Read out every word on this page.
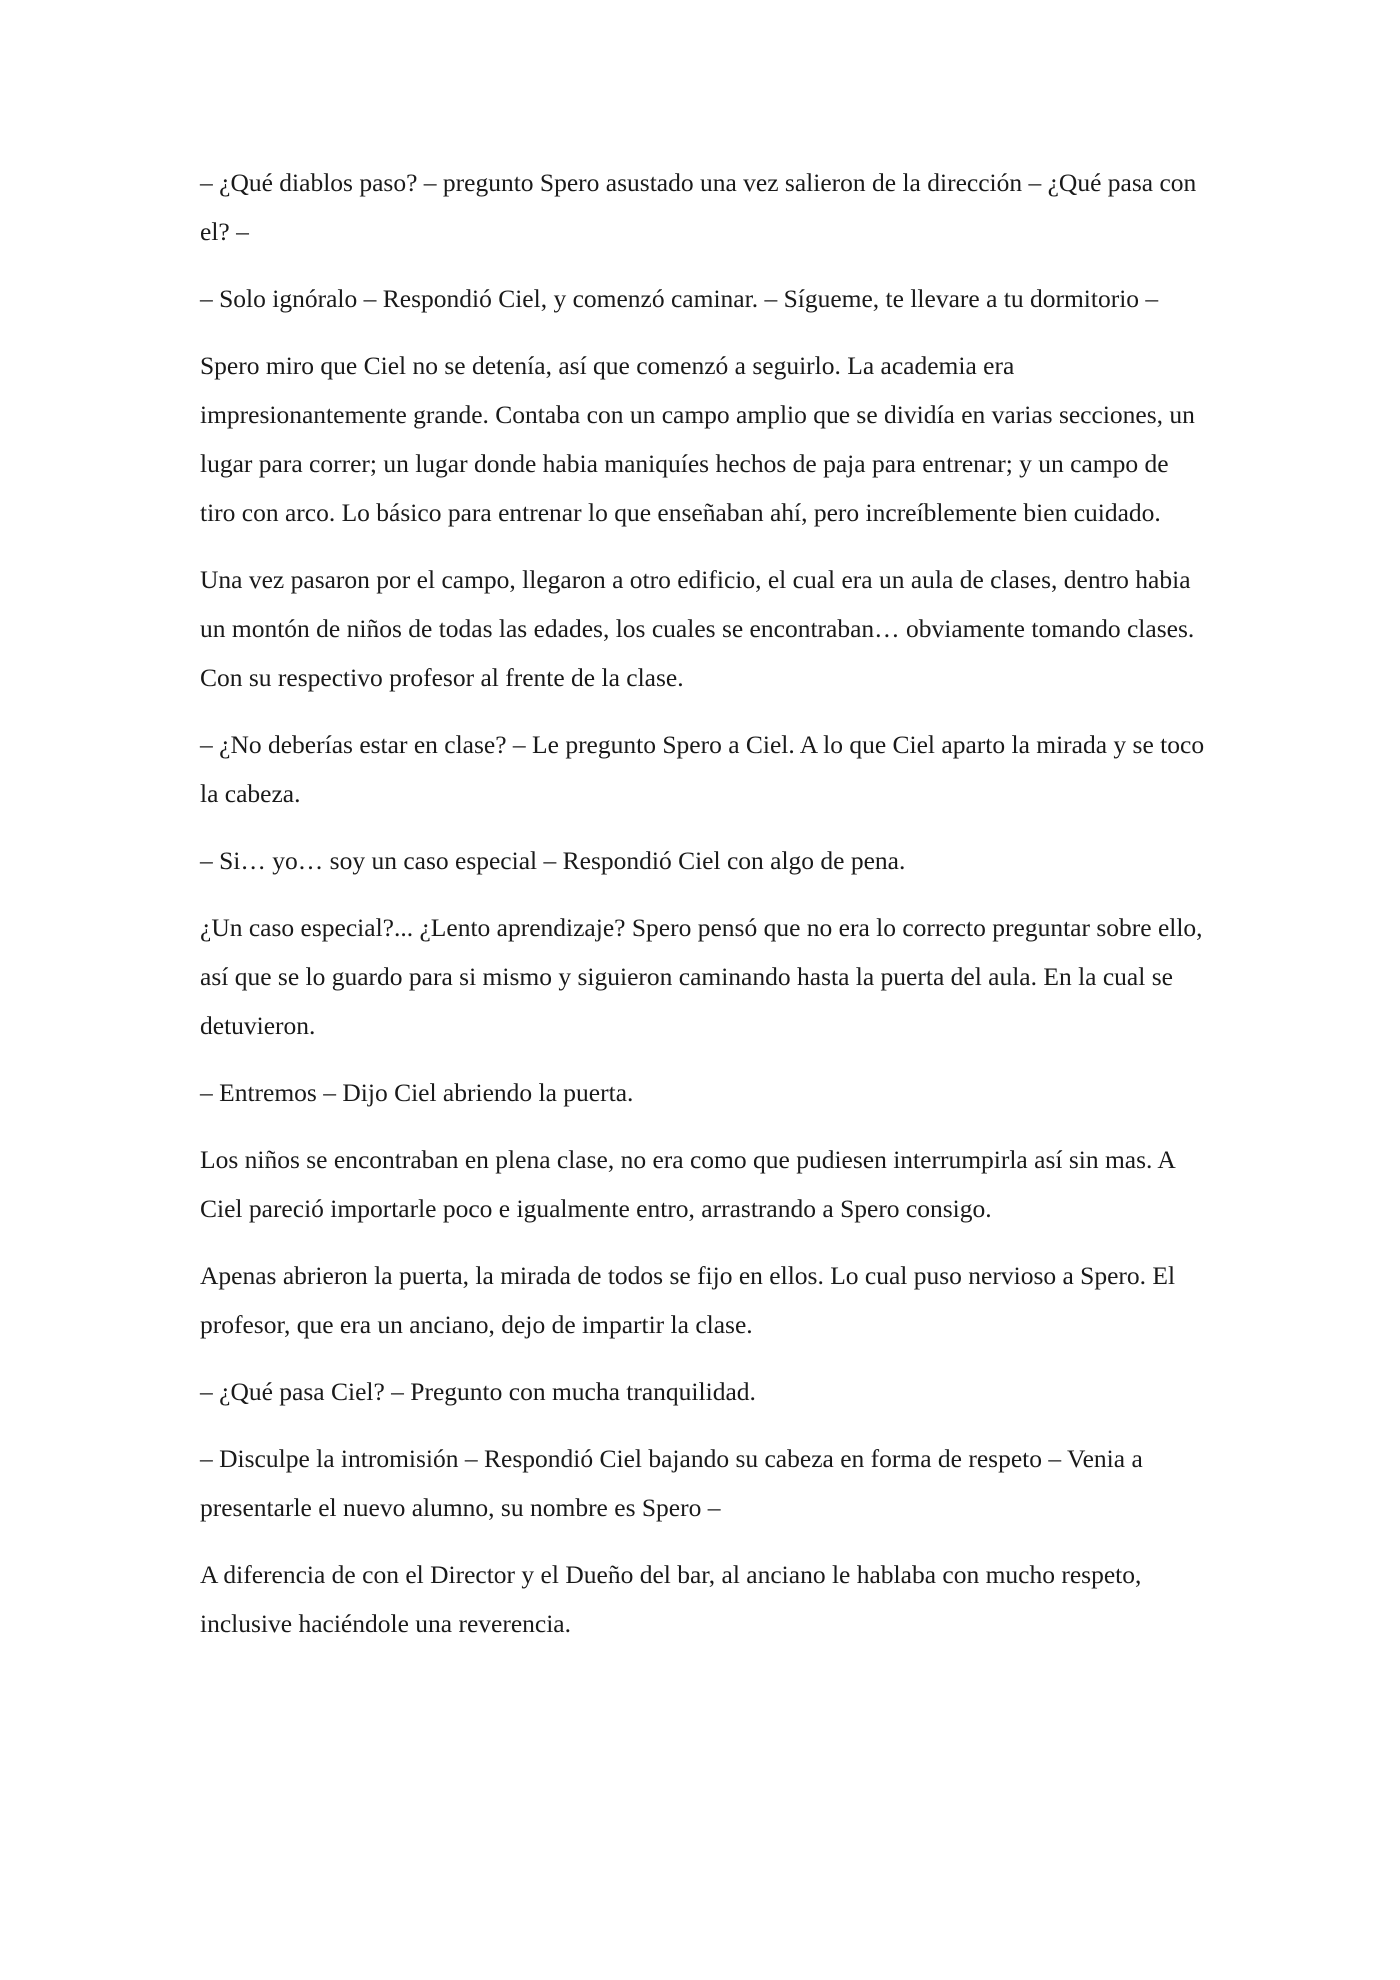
– ¿Qué diablos paso? – pregunto Spero asustado una vez salieron de la dirección – ¿Qué pasa con el? –

– Solo ignóralo – Respondió Ciel, y comenzó caminar. – Sígueme, te llevare a tu dormitorio –

Spero miro que Ciel no se detenía, así que comenzó a seguirlo. La academia era impresionantemente grande. Contaba con un campo amplio que se dividía en varias secciones, un lugar para correr; un lugar donde habia maniquíes hechos de paja para entrenar; y un campo de tiro con arco. Lo básico para entrenar lo que enseñaban ahí, pero increíblemente bien cuidado.

Una vez pasaron por el campo, llegaron a otro edificio, el cual era un aula de clases, dentro habia un montón de niños de todas las edades, los cuales se encontraban… obviamente tomando clases. Con su respectivo profesor al frente de la clase.

– ¿No deberías estar en clase? – Le pregunto Spero a Ciel. A lo que Ciel aparto la mirada y se toco la cabeza.

– Si… yo… soy un caso especial – Respondió Ciel con algo de pena.

¿Un caso especial?... ¿Lento aprendizaje? Spero pensó que no era lo correcto preguntar sobre ello, así que se lo guardo para si mismo y siguieron caminando hasta la puerta del aula. En la cual se detuvieron.

– Entremos – Dijo Ciel abriendo la puerta.

Los niños se encontraban en plena clase, no era como que pudiesen interrumpirla así sin mas. A Ciel pareció importarle poco e igualmente entro, arrastrando a Spero consigo.

Apenas abrieron la puerta, la mirada de todos se fijo en ellos. Lo cual puso nervioso a Spero. El profesor, que era un anciano, dejo de impartir la clase.

– ¿Qué pasa Ciel? – Pregunto con mucha tranquilidad.

– Disculpe la intromisión – Respondió Ciel bajando su cabeza en forma de respeto – Venia a presentarle el nuevo alumno, su nombre es Spero –

A diferencia de con el Director y el Dueño del bar, al anciano le hablaba con mucho respeto, inclusive haciéndole una reverencia.
